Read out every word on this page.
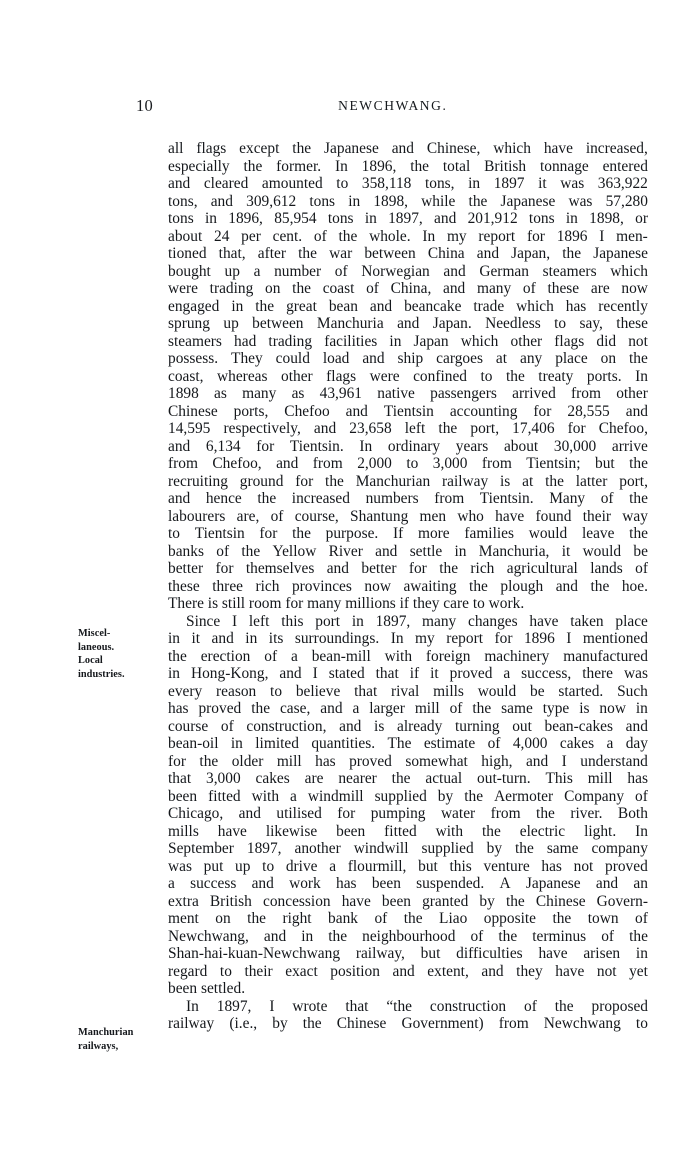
10	NEWCHWANG.
Miscel-
laneous.
Local
industries.
Manchurian
railways,
all flags except the Japanese and Chinese, which have increased,
especially the former. In 1896, the total British tonnage entered
and cleared amounted to 358,118 tons, in 1897 it was 363,922
tons, and 309,612 tons in 1898, while the Japanese was 57,280
tons in 1896, 85,954 tons in 1897, and 201,912 tons in 1898, or
about 24 per cent. of the whole. In my report for 1896 I men-
tioned that, after the war between China and Japan, the Japanese
bought up a number of Norwegian and German steamers which
were trading on the coast of China, and many of these are now
engaged in the great bean and beancake trade which has recently
sprung up between Manchuria and Japan. Needless to say, these
steamers had trading facilities in Japan which other flags did not
possess. They could load and ship cargoes at any place on the
coast, whereas other flags were confined to the treaty ports. In
1898 as many as 43,961 native passengers arrived from other
Chinese ports, Chefoo and Tientsin accounting for 28,555 and
14,595 respectively, and 23,658 left the port, 17,406 for Chefoo,
and 6,134 for Tientsin. In ordinary years about 30,000 arrive
from Chefoo, and from 2,000 to 3,000 from Tientsin; but the
recruiting ground for the Manchurian railway is at the latter port,
and hence the increased numbers from Tientsin. Many of the
labourers are, of course, Shantung men who have found their way
to Tientsin for the purpose. If more families would leave the
banks of the Yellow River and settle in Manchuria, it would be
better for themselves and better for the rich agricultural lands of
these three rich provinces now awaiting the plough and the hoe.
There is still room for many millions if they care to work.
Since I left this port in 1897, many changes have taken place
in it and in its surroundings. In my report for 1896 I mentioned
the erection of a bean-mill with foreign machinery manufactured
in Hong-Kong, and I stated that if it proved a success, there was
every reason to believe that rival mills would be started. Such
has proved the case, and a larger mill of the same type is now in
course of construction, and is already turning out bean-cakes and
bean-oil in limited quantities. The estimate of 4,000 cakes a day
for the older mill has proved somewhat high, and I understand
that 3,000 cakes are nearer the actual out-turn. This mill has
been fitted with a windmill supplied by the Aermoter Company of
Chicago, and utilised for pumping water from the river. Both
mills have likewise been fitted with the electric light. In
September 1897, another windwill supplied by the same company
was put up to drive a flourmill, but this venture has not proved
a success and work has been suspended. A Japanese and an
extra British concession have been granted by the Chinese Govern-
ment on the right bank of the Liao opposite the town of
Newchwang, and in the neighbourhood of the terminus of the
Shan-hai-kuan-Newchwang railway, but difficulties have arisen in
regard to their exact position and extent, and they have not yet
been settled.
In 1897, I wrote that “the construction of the proposed
railway (i.e., by the Chinese Government) from Newchwang to
